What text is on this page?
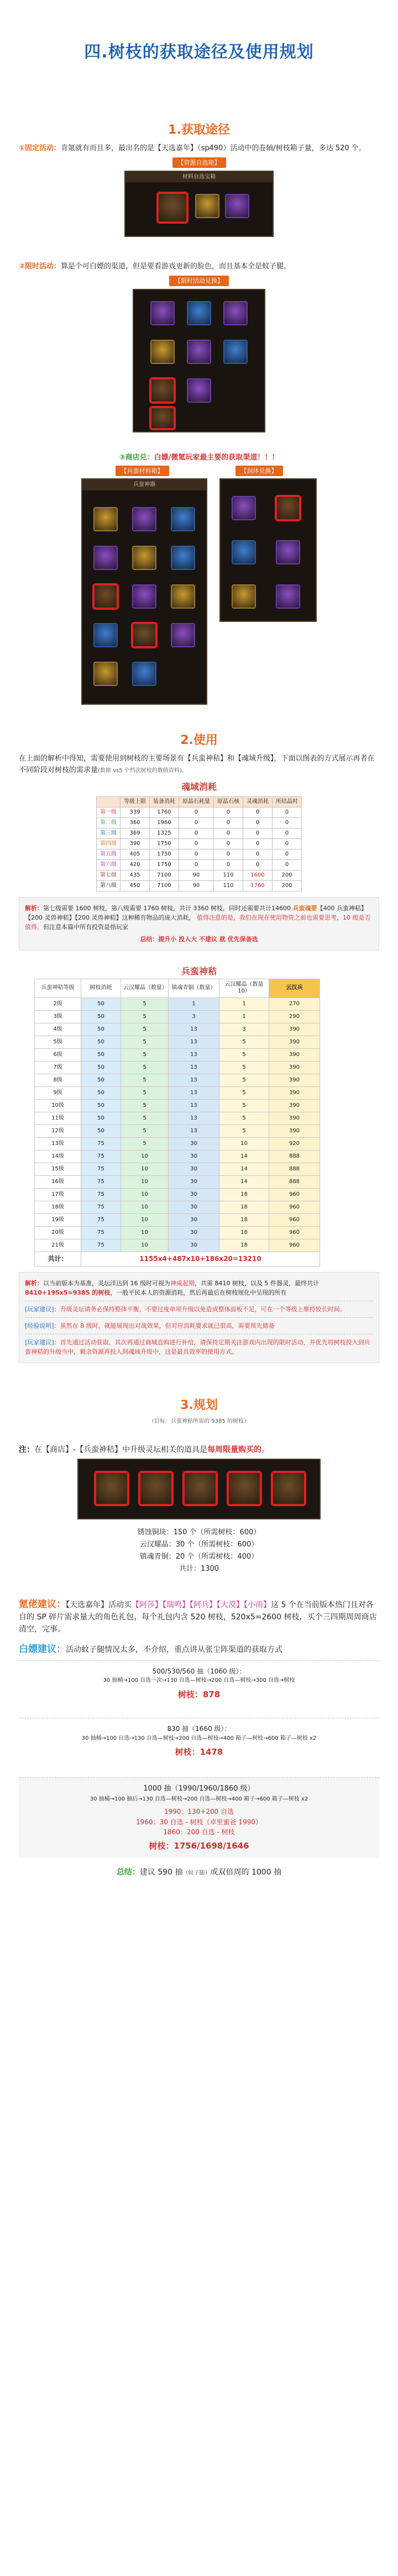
四.树枝的获取途径及使用规划
1.获取途径

①固定活动：肯氪就有而且多，最出名的是【天选嘉年】（sp490）活动中的卷轴/树枝箱子量，多达 520 个。

【资源自选箱】
材料自选宝箱

②限时活动：算是个可白嫖的渠道，但是要看游戏更新的脸色，而且基本全是蚊子腿。

【限时活动兑换】

③商店兑：白嫖/微氪玩家最主要的获取渠道！！！

【兵蛮材料箱】	【洞体兑换】
兵蛮神器
2.使用

在上面的解析中得知，需要使用到树枝的主要场景有【兵蛮神秸】和【魂域升级】，下面以图表的方式展示再者在不同阶段对树枝的需求量(数据 vs5 个档次树枝的数值资料)。

魂域消耗
	等级上限	装备消耗	原晶石耗量	原晶石核	灵魂消耗	所结晶时
第一级	339	1760	0	0	0	0
第二级	360	1960	0	0	0	0
第三级	369	1325	0	0	0	0
第四级	390	1750	0	0	0	0
第五级	405	1750	0	0	0	0
第六级	420	1750	0	0	0	0
第七级	435	7100	90	110	1600	200
第八级	450	7100	90	110	1760	200

解析：第七级需要 1600 树枝，第八级需要 1760 树枝，共计 3360 树枝，同时还需要共计14600 兵蛮魂要【400 兵蛮神秸】【200 灵兽神秸】【200 灵兽神秸】这种稀有物品的庞大消耗， 值得注意的是，我们在现在使用物资之前也需要思考，10 级是否值得。但注意本篇中所有投资是指玩家

总结：提升小 投入大 不建议 就 优先保备选

兵蛮神秸
兵蛮神秸等级	树枝消耗	云汉耀晶（数量）	镇魂青铜（数量）	云汉耀晶（数量 10）	云汉兵
2级	50	5	1	1	270
3级	50	5	3	1	290
4级	50	5	13	3	390
5级	50	5	13	5	390
6级	50	5	13	5	390
7级	50	5	13	5	390
8级	50	5	13	5	390
9级	50	5	13	5	390
10级	50	5	13	5	390
11级	50	5	13	5	390
12级	50	5	13	5	390
13级	75	5	30	10	920
14级	75	10	30	14	888
15级	75	10	30	14	888
16级	75	10	30	14	888
17级	75	10	30	18	960
18级	75	10	30	18	960
19级	75	10	30	18	960
20级	75	10	30	18	960
21级	75	10	30	18	960
共计：	1155x4+487x10+186x20=13210				

解析：以当前版本为基准，灵坛洋达到 16 级时可视为神威起期，共需 8410 树枝，以及 5 件器灵，最终共计 8410+195x5=9385 的树枝，一般平民本人的资源消耗，然后再最后在树枝规化中呈现的所有

[玩家建议]：升级灵坛请务必保持整体平衡，不要过度单项升级以免造成整体面板不足，可在一个等级上维持较长时间。

[经验说明]：虽然在 8 级时，就能展现出对战效果，但对应消耗要求就已很高，需要预先储备

[玩家建议]：首先通过活动获取，其次再通过商城直购进行补给，请保持定期关注游戏内出现的限时活动，并优先将树枝投入到兵蛮神秸的升级当中，剩余资源再投入到魂域升级中，这是最具效率的使用方式。

3.规划

（目标：兵蛮神秸所需的 9385 的树枝）

注：在【商店】-【兵蛮神秸】中升级灵坛相关的道具是每周限量购买的。

锈蚀铜块：150 个（所需树枝：600）

云汉耀晶：30 个（所需树枝：600）

镇魂青铜：20 个（所需树枝：400）

共计：1300

氪佬建议：【天选嘉年】活动买【阿莎】【瑞鸣】【阿兵】【大漠】【小雨】这 5 个在当前版本热门且对各自的 SP 碎片需求量大的角色礼包，每个礼包内含 520 树枝，520x5=2600 树枝，买个三四期周周商店清空，完事。

白嫖建议：活动蚊子腿情况太多，不介绍，重点讲从张尘阵渠道的获取方式

500/530/560 抽（1060 级）：

30 抽桶→100 自选一次→130 自选—树枝→200 自选—树枝→300 自选→树枝

树枝：878

830 抽（1660 级）：

30 抽桶→100 自选→130 自选—树枝→200 自选—树枝→400 箱子—树枝→600 箱子—树枝 x2

树枝：1478

1000 抽（1990/1960/1860 级）

30 抽桶→100 抽后→130 自选—树枝→200 自选—树枝→400 箱子→600 箱子—树枝 x2

1990：130+200 自选

1960：30 自选 - 树枝（卓里蜜爸 1990）

1860：200 自选 - 树枝

树枝：1756/1698/1646

总结：建议 590 抽（蚊子腿）或双倍周的 1000 抽
